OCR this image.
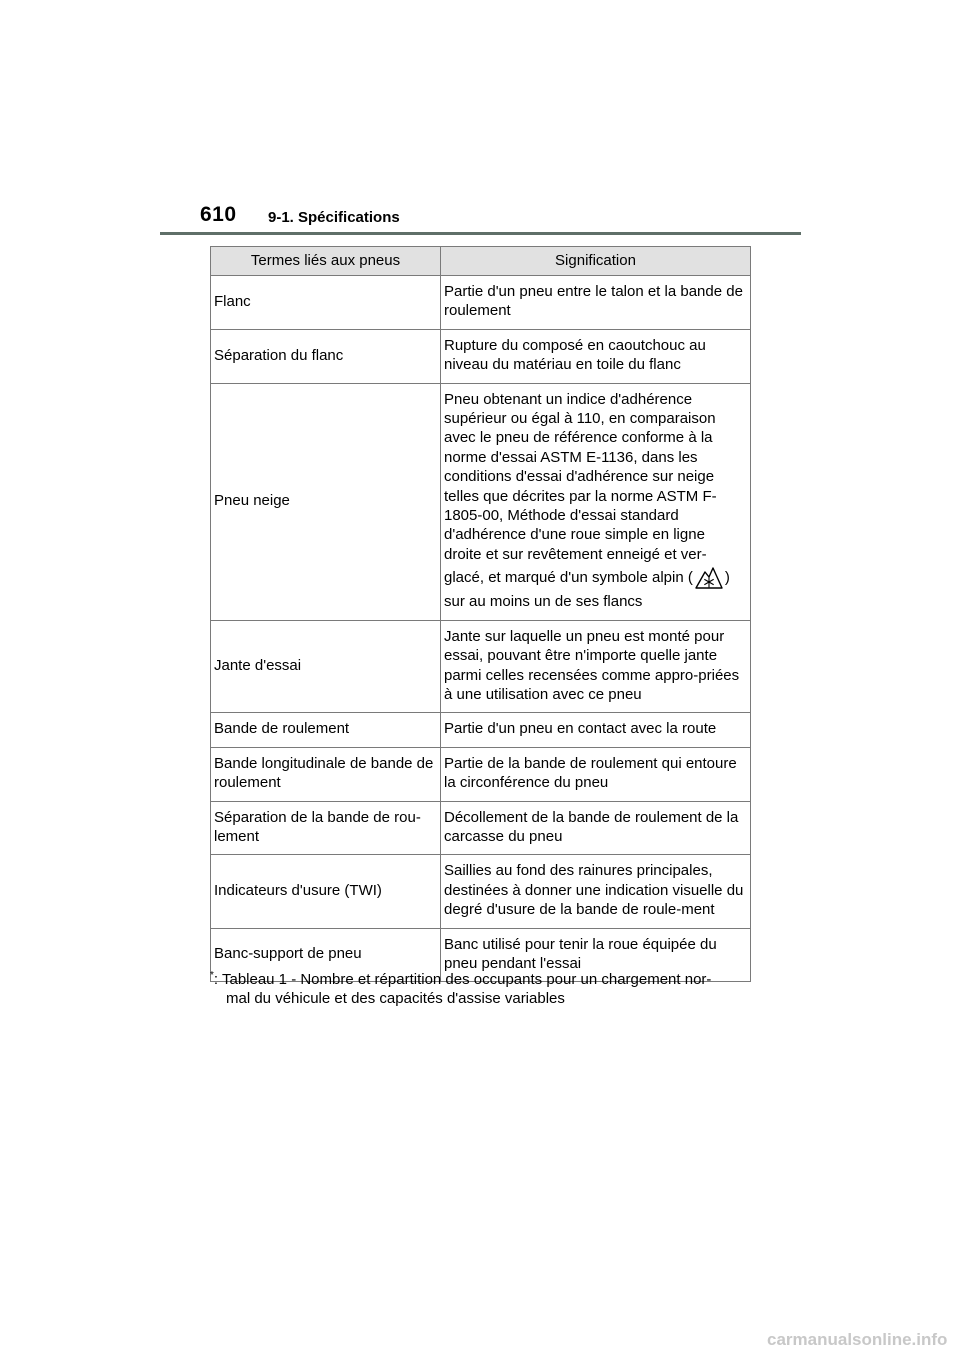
610 9-1. Spécifications
Termes liés aux pneus	Signification
Flanc	Partie d'un pneu entre le talon et la bande de roulement
Séparation du flanc	Rupture du composé en caoutchouc au niveau du matériau en toile du flanc
Pneu neige	Pneu obtenant un indice d'adhérence supérieur ou égal à 110, en comparaison avec le pneu de référence conforme à la norme d'essai ASTM E-1136, dans les conditions d'essai d'adhérence sur neige telles que décrites par la norme ASTM F-1805-00, Méthode d'essai standard d'adhérence d'une roue simple en ligne droite et sur revêtement enneigé et ver-
glacé, et marqué d'un symbole alpin ( )
sur au moins un de ses flancs

Jante d'essai	Jante sur laquelle un pneu est monté pour essai, pouvant être n'importe quelle jante parmi celles recensées comme appro-priées à une utilisation avec ce pneu
Bande de roulement	Partie d'un pneu en contact avec la route
Bande longitudinale de bande de roulement	Partie de la bande de roulement qui entoure la circonférence du pneu
Séparation de la bande de rou-lement	Décollement de la bande de roulement de la carcasse du pneu
Indicateurs d'usure (TWI)	Saillies au fond des rainures principales, destinées à donner une indication visuelle du degré d'usure de la bande de roule-ment
Banc-support de pneu	Banc utilisé pour tenir la roue équipée du pneu pendant l'essai
*: Tableau 1 - Nombre et répartition des occupants pour un chargement nor-
mal du véhicule et des capacités d'assise variables
carmanualsonline.info
